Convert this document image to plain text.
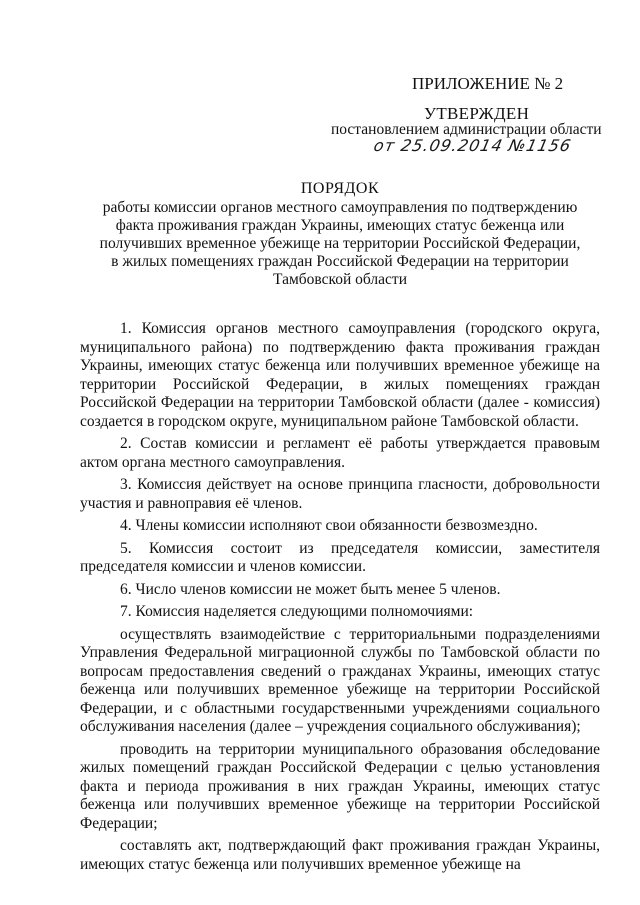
ПРИЛОЖЕНИЕ № 2
УТВЕРЖДЕН
постановлением администрации области
от 25.09.2014 №1156
ПОРЯДОК
работы комиссии органов местного самоуправления по подтверждению
факта проживания граждан Украины, имеющих статус беженца или
получивших временное убежище на территории Российской Федерации,
в жилых помещениях граждан Российской Федерации на территории
Тамбовской области

1. Комиссия органов местного самоуправления (городского округа, муниципального района) по подтверждению факта проживания граждан Украины, имеющих статус беженца или получивших временное убежище на территории Российской Федерации, в жилых помещениях граждан Российской Федерации на территории Тамбовской области (далее - комиссия) создается в городском округе, муниципальном районе Тамбовской области.

2. Состав комиссии и регламент её работы утверждается правовым актом органа местного самоуправления.

3. Комиссия действует на основе принципа гласности, добровольности участия и равноправия её членов.

4. Члены комиссии исполняют свои обязанности безвозмездно.

5. Комиссия состоит из председателя комиссии, заместителя председателя комиссии и членов комиссии.

6. Число членов комиссии не может быть менее 5 членов.

7. Комиссия наделяется следующими полномочиями:

осуществлять взаимодействие с территориальными подразделениями Управления Федеральной миграционной службы по Тамбовской области по вопросам предоставления сведений о гражданах Украины, имеющих статус беженца или получивших временное убежище на территории Российской Федерации, и с областными государственными учреждениями социального обслуживания населения (далее – учреждения социального обслуживания);

проводить на территории муниципального образования обследование жилых помещений граждан Российской Федерации с целью установления факта и периода проживания в них граждан Украины, имеющих статус беженца или получивших временное убежище на территории Российской Федерации;

составлять акт, подтверждающий факт проживания граждан Украины, имеющих статус беженца или получивших временное убежище на
